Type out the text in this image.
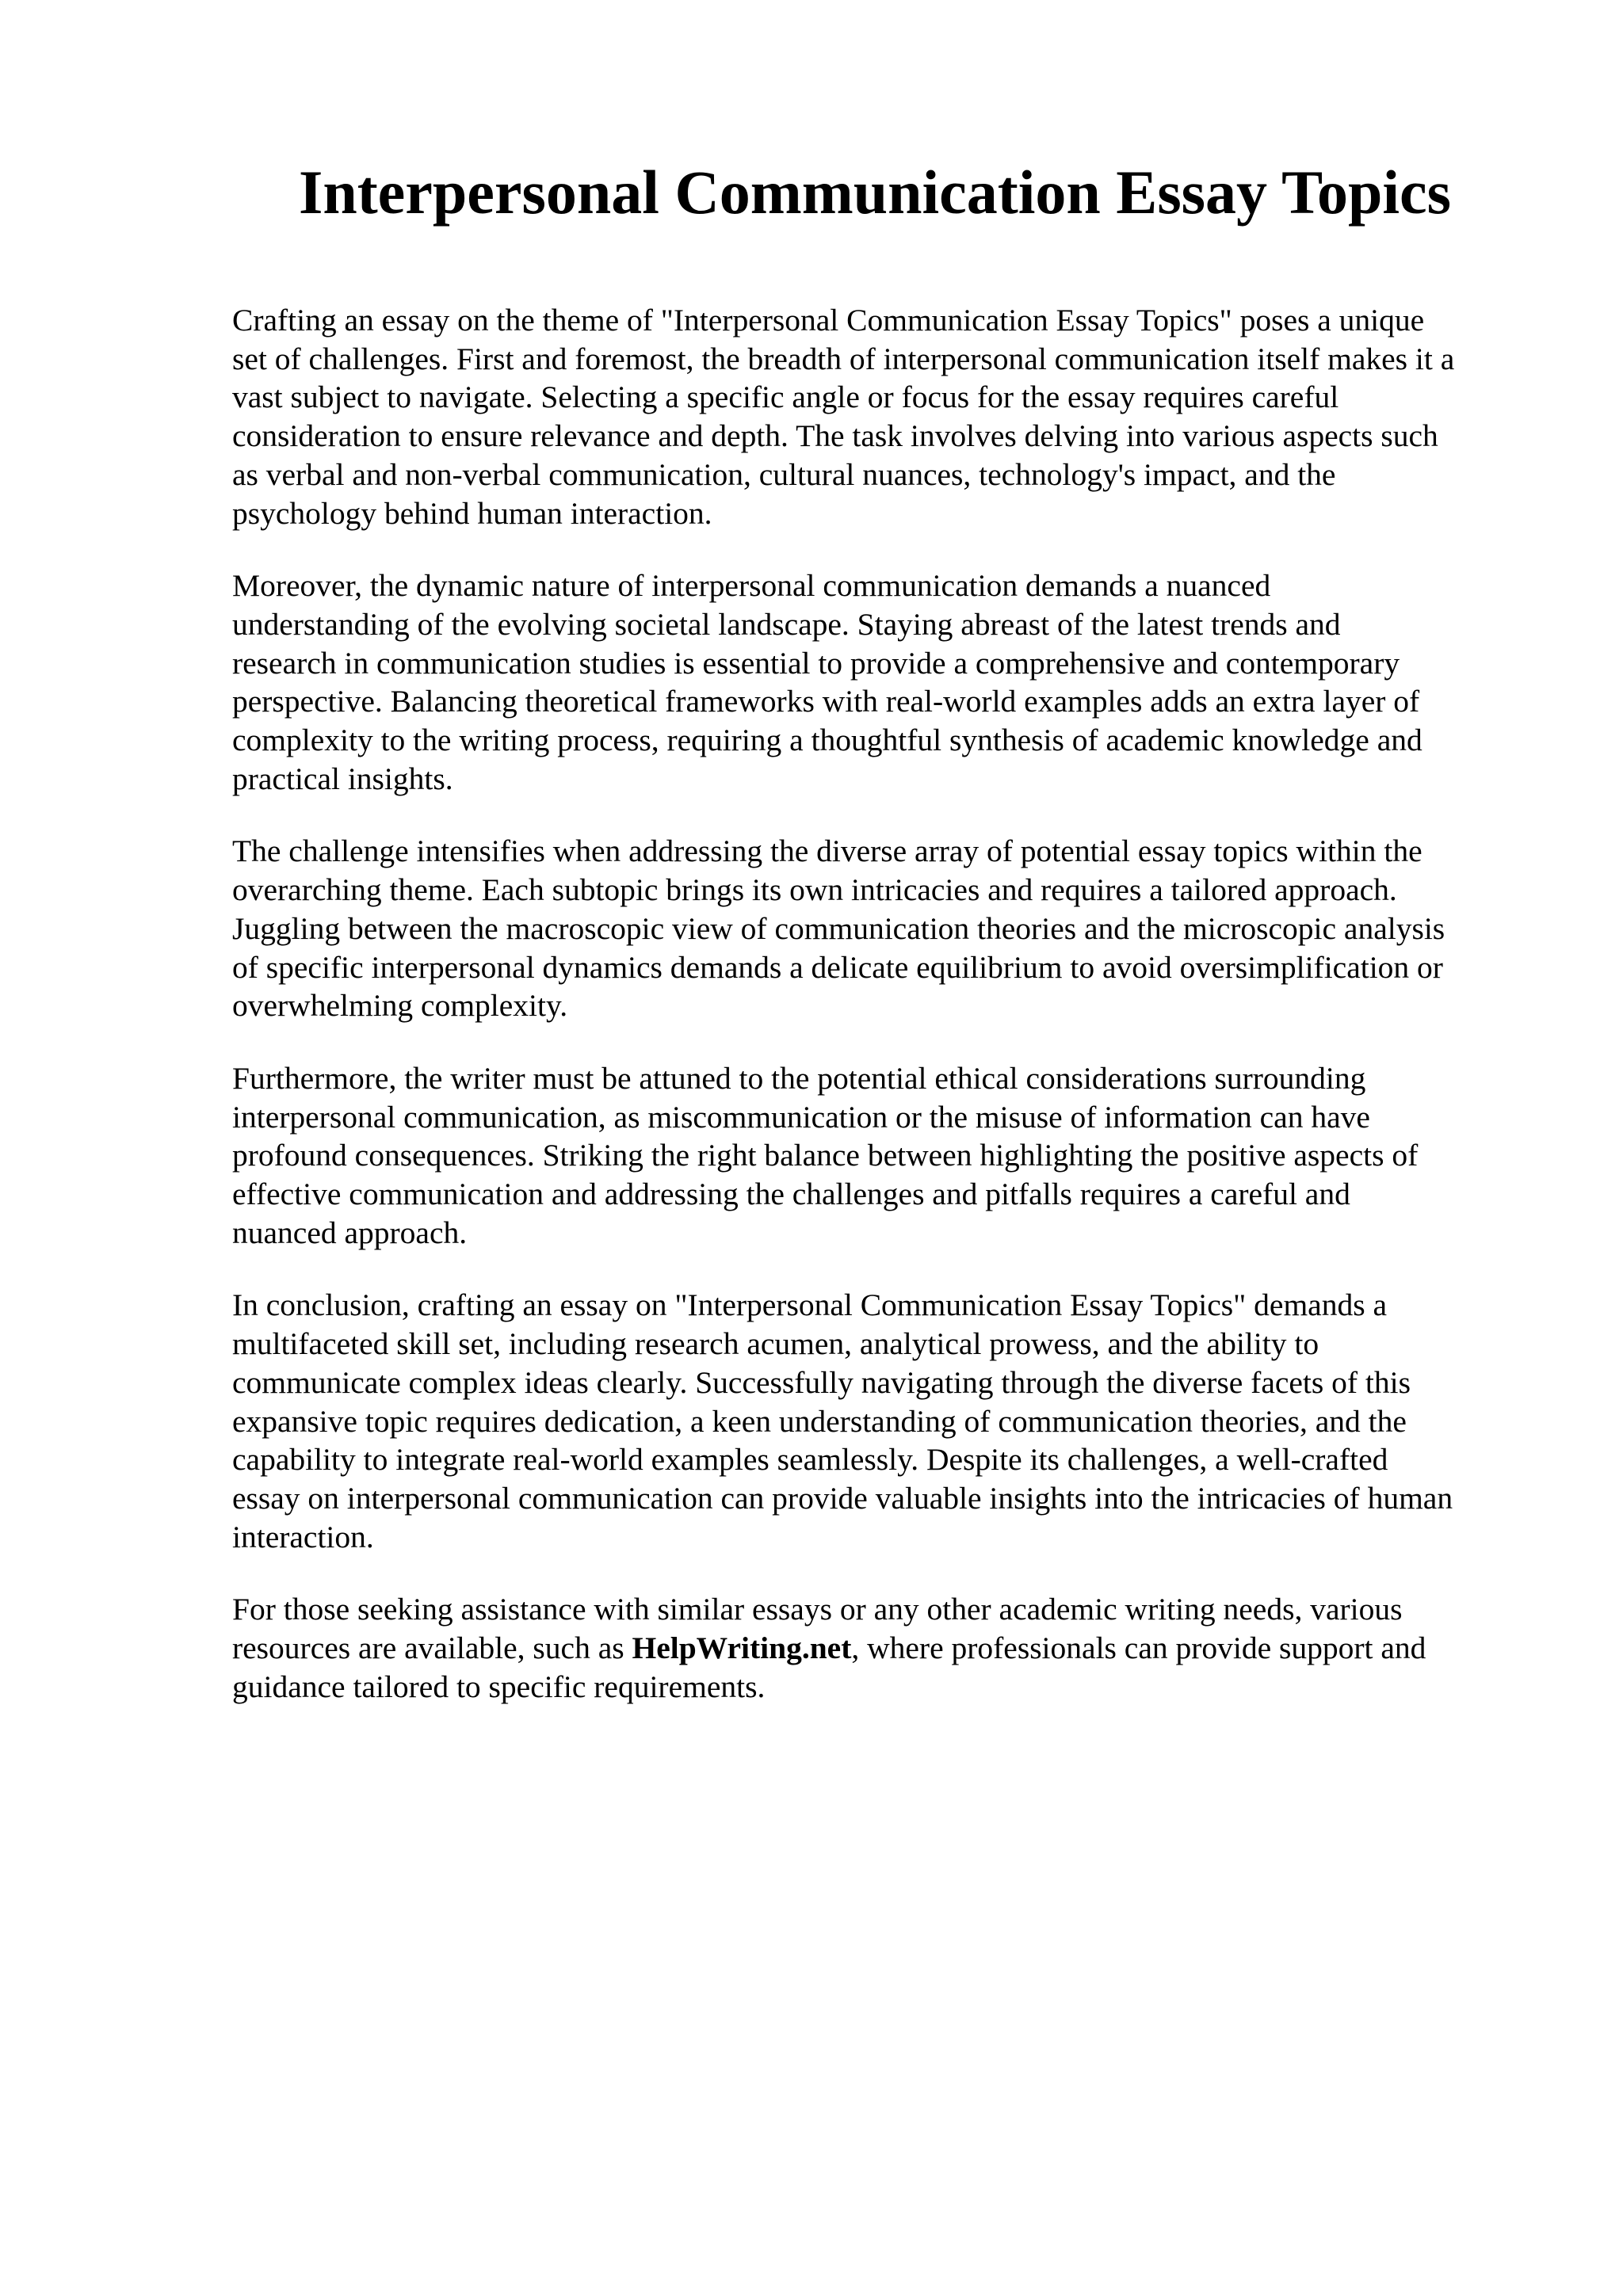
Interpersonal Communication Essay Topics

Crafting an essay on the theme of "Interpersonal Communication Essay Topics" poses a unique
set of challenges. First and foremost, the breadth of interpersonal communication itself makes it a
vast subject to navigate. Selecting a specific angle or focus for the essay requires careful
consideration to ensure relevance and depth. The task involves delving into various aspects such
as verbal and non-verbal communication, cultural nuances, technology's impact, and the
psychology behind human interaction.

Moreover, the dynamic nature of interpersonal communication demands a nuanced
understanding of the evolving societal landscape. Staying abreast of the latest trends and
research in communication studies is essential to provide a comprehensive and contemporary
perspective. Balancing theoretical frameworks with real-world examples adds an extra layer of
complexity to the writing process, requiring a thoughtful synthesis of academic knowledge and
practical insights.

The challenge intensifies when addressing the diverse array of potential essay topics within the
overarching theme. Each subtopic brings its own intricacies and requires a tailored approach.
Juggling between the macroscopic view of communication theories and the microscopic analysis
of specific interpersonal dynamics demands a delicate equilibrium to avoid oversimplification or
overwhelming complexity.

Furthermore, the writer must be attuned to the potential ethical considerations surrounding
interpersonal communication, as miscommunication or the misuse of information can have
profound consequences. Striking the right balance between highlighting the positive aspects of
effective communication and addressing the challenges and pitfalls requires a careful and
nuanced approach.

In conclusion, crafting an essay on "Interpersonal Communication Essay Topics" demands a
multifaceted skill set, including research acumen, analytical prowess, and the ability to
communicate complex ideas clearly. Successfully navigating through the diverse facets of this
expansive topic requires dedication, a keen understanding of communication theories, and the
capability to integrate real-world examples seamlessly. Despite its challenges, a well-crafted
essay on interpersonal communication can provide valuable insights into the intricacies of human
interaction.

For those seeking assistance with similar essays or any other academic writing needs, various
resources are available, such as HelpWriting.net, where professionals can provide support and
guidance tailored to specific requirements.
